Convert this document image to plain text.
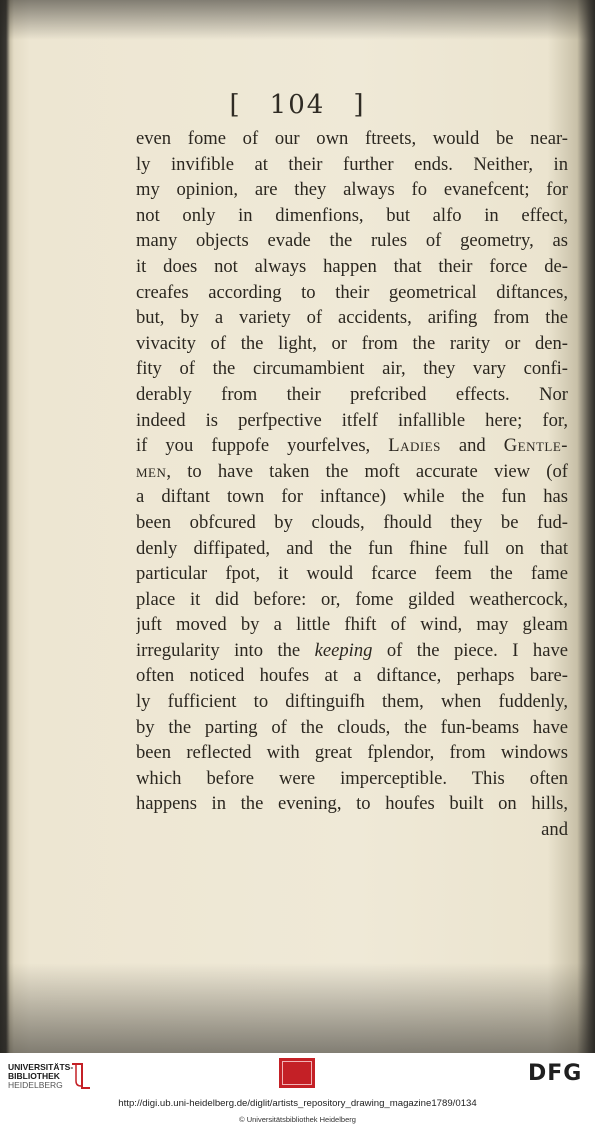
[ 104 ]
even fome of our own ftreets, would be near-
ly invifible at their further ends. Neither, in
my opinion, are they always fo evanefcent; for
not only in dimenfions, but alfo in effect,
many objects evade the rules of geometry, as
it does not always happen that their force de-
creafes according to their geometrical diftances,
but, by a variety of accidents, arifing from the
vivacity of the light, or from the rarity or den-
fity of the circumambient air, they vary confi-
derably from their prefcribed effects. Nor
indeed is perfpective itfelf infallible here; for,
if you fuppofe yourfelves, Ladies and Gentle-
men, to have taken the moft accurate view (of
a diftant town for inftance) while the fun has
been obfcured by clouds, fhould they be fud-
denly diffipated, and the fun fhine full on that
particular fpot, it would fcarce feem the fame
place it did before: or, fome gilded weathercock,
juft moved by a little fhift of wind, may gleam
irregularity into the keeping of the piece. I have
often noticed houfes at a diftance, perhaps bare-
ly fufficient to diftinguifh them, when fuddenly,
by the parting of the clouds, the fun-beams have
been reflected with great fplendor, from windows
which before were imperceptible. This often
happens in the evening, to houfes built on hills,
and
UNIVERSITÄTS-
BIBLIOTHEK
HEIDELBERG	DFG
http://digi.ub.uni-heidelberg.de/diglit/artists_repository_drawing_magazine1789/0134
© Universitätsbibliothek Heidelberg
